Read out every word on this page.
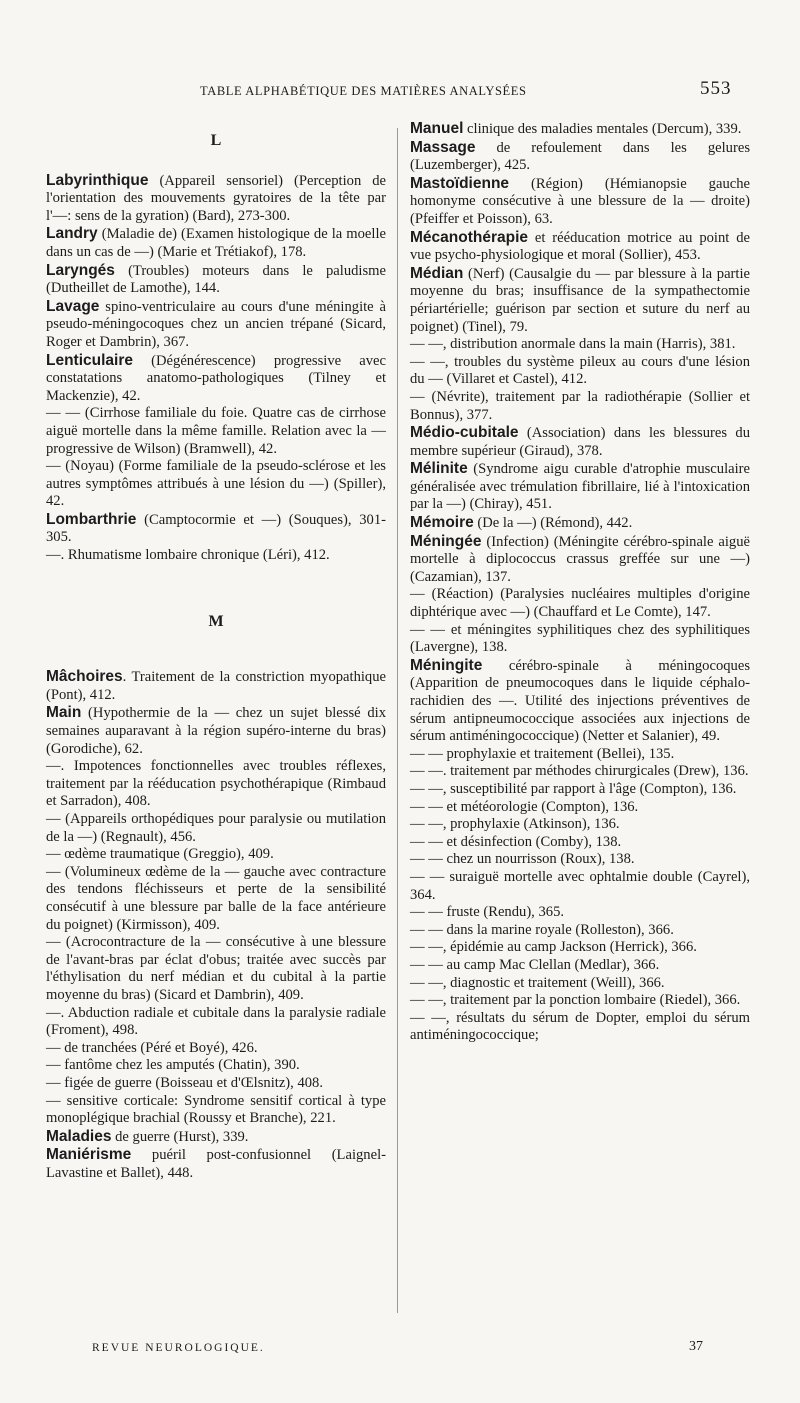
TABLE ALPHABÉTIQUE DES MATIÈRES ANALYSÉES	553
L

Labyrinthique (Appareil sensoriel) (Perception de l'orientation des mouvements gyratoires de la tête par l'—: sens de la gyration) (Bard), 273-300.

Landry (Maladie de) (Examen histologique de la moelle dans un cas de —) (Marie et Trétiakof), 178.

Laryngés (Troubles) moteurs dans le paludisme (Dutheillet de Lamothe), 144.

Lavage spino-ventriculaire au cours d'une méningite à pseudo-méningocoques chez un ancien trépané (Sicard, Roger et Dambrin), 367.

Lenticulaire (Dégénérescence) progressive avec constatations anatomo-pathologiques (Tilney et Mackenzie), 42.

— — (Cirrhose familiale du foie. Quatre cas de cirrhose aiguë mortelle dans la même famille. Relation avec la — progressive de Wilson) (Bramwell), 42.

— (Noyau) (Forme familiale de la pseudo-sclérose et les autres symptômes attribués à une lésion du —) (Spiller), 42.

Lombarthrie (Camptocormie et —) (Souques), 301-305.

—. Rhumatisme lombaire chronique (Léri), 412.

M

Mâchoires. Traitement de la constriction myopathique (Pont), 412.

Main (Hypothermie de la — chez un sujet blessé dix semaines auparavant à la région supéro-interne du bras) (Gorodiche), 62.

—. Impotences fonctionnelles avec troubles réflexes, traitement par la rééducation psychothérapique (Rimbaud et Sarradon), 408.

— (Appareils orthopédiques pour paralysie ou mutilation de la —) (Regnault), 456.

— œdème traumatique (Greggio), 409.

— (Volumineux œdème de la — gauche avec contracture des tendons fléchisseurs et perte de la sensibilité consécutif à une blessure par balle de la face antérieure du poignet) (Kirmisson), 409.

— (Acrocontracture de la — consécutive à une blessure de l'avant-bras par éclat d'obus; traitée avec succès par l'éthylisation du nerf médian et du cubital à la partie moyenne du bras) (Sicard et Dambrin), 409.

—. Abduction radiale et cubitale dans la paralysie radiale (Froment), 498.

— de tranchées (Péré et Boyé), 426.

— fantôme chez les amputés (Chatin), 390.

— figée de guerre (Boisseau et d'Œlsnitz), 408.

— sensitive corticale: Syndrome sensitif cortical à type monoplégique brachial (Roussy et Branche), 221.

Maladies de guerre (Hurst), 339.

Maniérisme puéril post-confusionnel (Laignel-Lavastine et Ballet), 448.

Manuel clinique des maladies mentales (Dercum), 339.

Massage de refoulement dans les gelures (Luzemberger), 425.

Mastoïdienne (Région) (Hémianopsie gauche homonyme consécutive à une blessure de la — droite) (Pfeiffer et Poisson), 63.

Mécanothérapie et rééducation motrice au point de vue psycho-physiologique et moral (Sollier), 453.

Médian (Nerf) (Causalgie du — par blessure à la partie moyenne du bras; insuffisance de la sympathectomie périartérielle; guérison par section et suture du nerf au poignet) (Tinel), 79.

— —, distribution anormale dans la main (Harris), 381.

— —, troubles du système pileux au cours d'une lésion du — (Villaret et Castel), 412.

— (Névrite), traitement par la radiothérapie (Sollier et Bonnus), 377.

Médio-cubitale (Association) dans les blessures du membre supérieur (Giraud), 378.

Mélinite (Syndrome aigu curable d'atrophie musculaire généralisée avec trémulation fibrillaire, lié à l'intoxication par la —) (Chiray), 451.

Mémoire (De la —) (Rémond), 442.

Méningée (Infection) (Méningite cérébro-spinale aiguë mortelle à diplococcus crassus greffée sur une —) (Cazamian), 137.

— (Réaction) (Paralysies nucléaires multiples d'origine diphtérique avec —) (Chauffard et Le Comte), 147.

— — et méningites syphilitiques chez des syphilitiques (Lavergne), 138.

Méningite cérébro-spinale à méningocoques (Apparition de pneumocoques dans le liquide céphalo-rachidien des —. Utilité des injections préventives de sérum antipneumococcique associées aux injections de sérum antiméningococcique) (Netter et Salanier), 49.

— — prophylaxie et traitement (Bellei), 135.

— —. traitement par méthodes chirurgicales (Drew), 136.

— —, susceptibilité par rapport à l'âge (Compton), 136.

— — et météorologie (Compton), 136.

— —, prophylaxie (Atkinson), 136.

— — et désinfection (Comby), 138.

— — chez un nourrisson (Roux), 138.

— — suraiguë mortelle avec ophtalmie double (Cayrel), 364.

— — fruste (Rendu), 365.

— — dans la marine royale (Rolleston), 366.

— —, épidémie au camp Jackson (Herrick), 366.

— — au camp Mac Clellan (Medlar), 366.

— —, diagnostic et traitement (Weill), 366.

— —, traitement par la ponction lombaire (Riedel), 366.

— —, résultats du sérum de Dopter, emploi du sérum antiméningococcique;

REVUE NEUROLOGIQUE.	37
